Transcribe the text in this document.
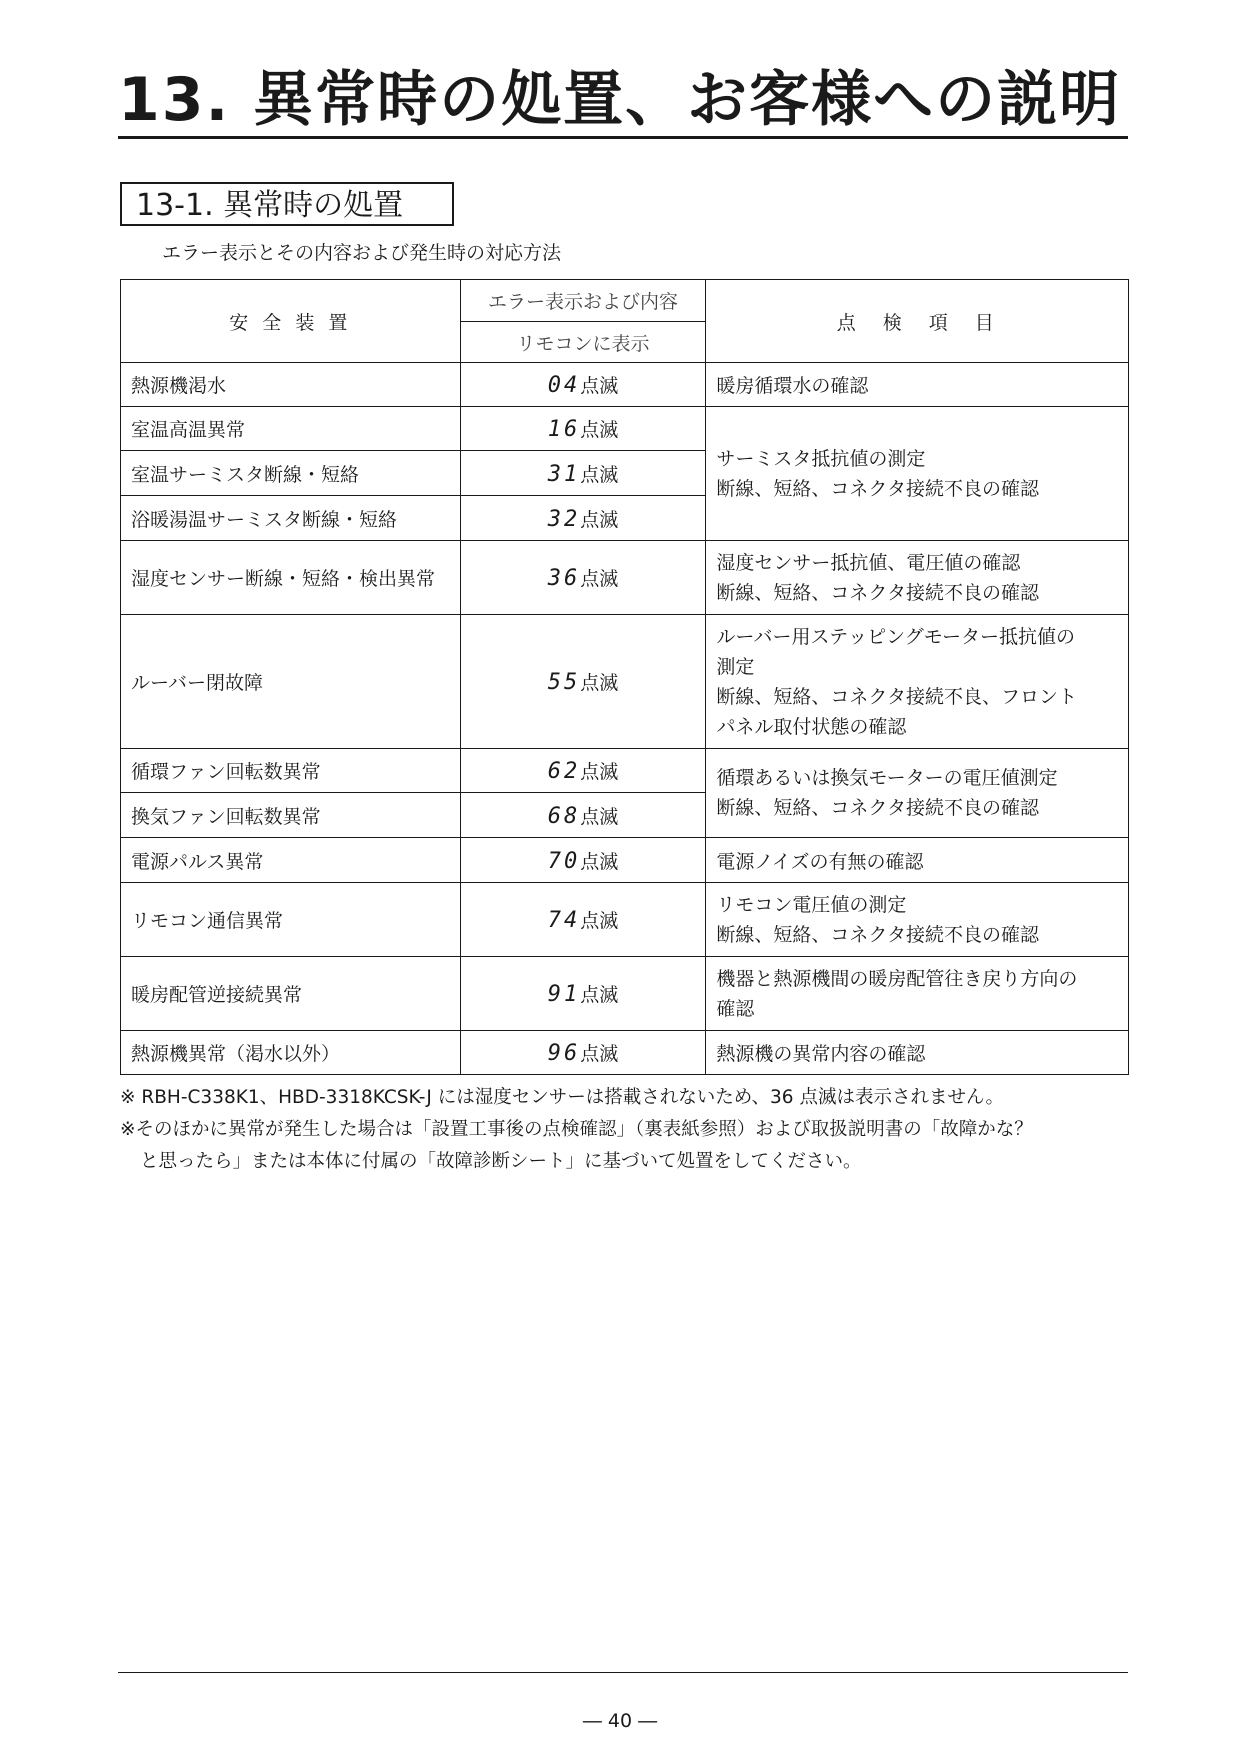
13. 異常時の処置、お客様への説明
13-1. 異常時の処置
エラー表示とその内容および発生時の対応方法
安 全 装 置	エラー表示および内容	点　検　項　目
	リモコンに表示	
熱源機渇水	04点滅	暖房循環水の確認
室温高温異常	16点滅	サーミスタ抵抗値の測定
断線、短絡、コネクタ接続不良の確認
室温サーミスタ断線・短絡	31点滅	
浴暖湯温サーミスタ断線・短絡	32点滅	
湿度センサー断線・短絡・検出異常	36点滅	湿度センサー抵抗値、電圧値の確認
断線、短絡、コネクタ接続不良の確認
ルーバー閉故障	55点滅	ルーバー用ステッピングモーター抵抗値の
測定
断線、短絡、コネクタ接続不良、フロント
パネル取付状態の確認
循環ファン回転数異常	62点滅	循環あるいは換気モーターの電圧値測定
断線、短絡、コネクタ接続不良の確認
換気ファン回転数異常	68点滅	
電源パルス異常	70点滅	電源ノイズの有無の確認
リモコン通信異常	74点滅	リモコン電圧値の測定
断線、短絡、コネクタ接続不良の確認
暖房配管逆接続異常	91点滅	機器と熱源機間の暖房配管往き戻り方向の
確認
熱源機異常（渇水以外）	96点滅	熱源機の異常内容の確認
※ RBH-C338K1、HBD-3318KCSK-J には湿度センサーは搭載されないため、36 点滅は表示されません。
※そのほかに異常が発生した場合は「設置工事後の点検確認」（裏表紙参照）および取扱説明書の「故障かな？
と思ったら」または本体に付属の「故障診断シート」に基づいて処置をしてください。
― 40 ―
